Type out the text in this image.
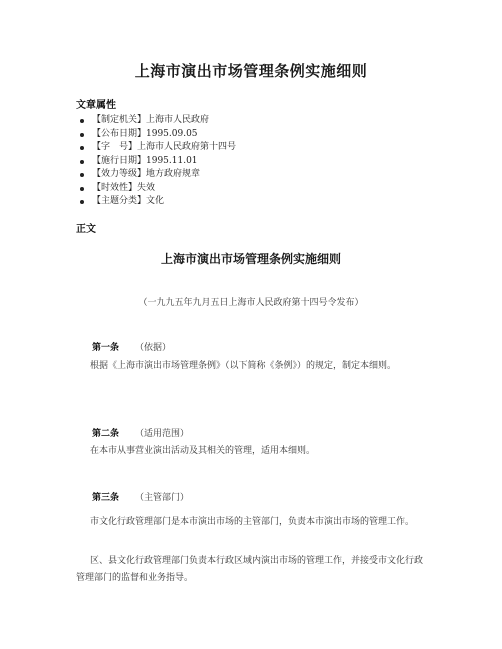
上海市演出市场管理条例实施细则
文章属性
【制定机关】上海市人民政府
【公布日期】1995.09.05
【字　号】上海市人民政府第十四号
【施行日期】1995.11.01
【效力等级】地方政府规章
【时效性】失效
【主题分类】文化
正文
上海市演出市场管理条例实施细则
（一九九五年九月五日上海市人民政府第十四号令发布）
第一条 （依据）

根据《上海市演出市场管理条例》（以下简称《条例》）的规定，制定本细则。

第二条 （适用范围）

在本市从事营业演出活动及其相关的管理，适用本细则。

第三条 （主管部门）

市文化行政管理部门是本市演出市场的主管部门，负责本市演出市场的管理工作。

区、县文化行政管理部门负责本行政区域内演出市场的管理工作，并接受市文化行政管理部门的监督和业务指导。
